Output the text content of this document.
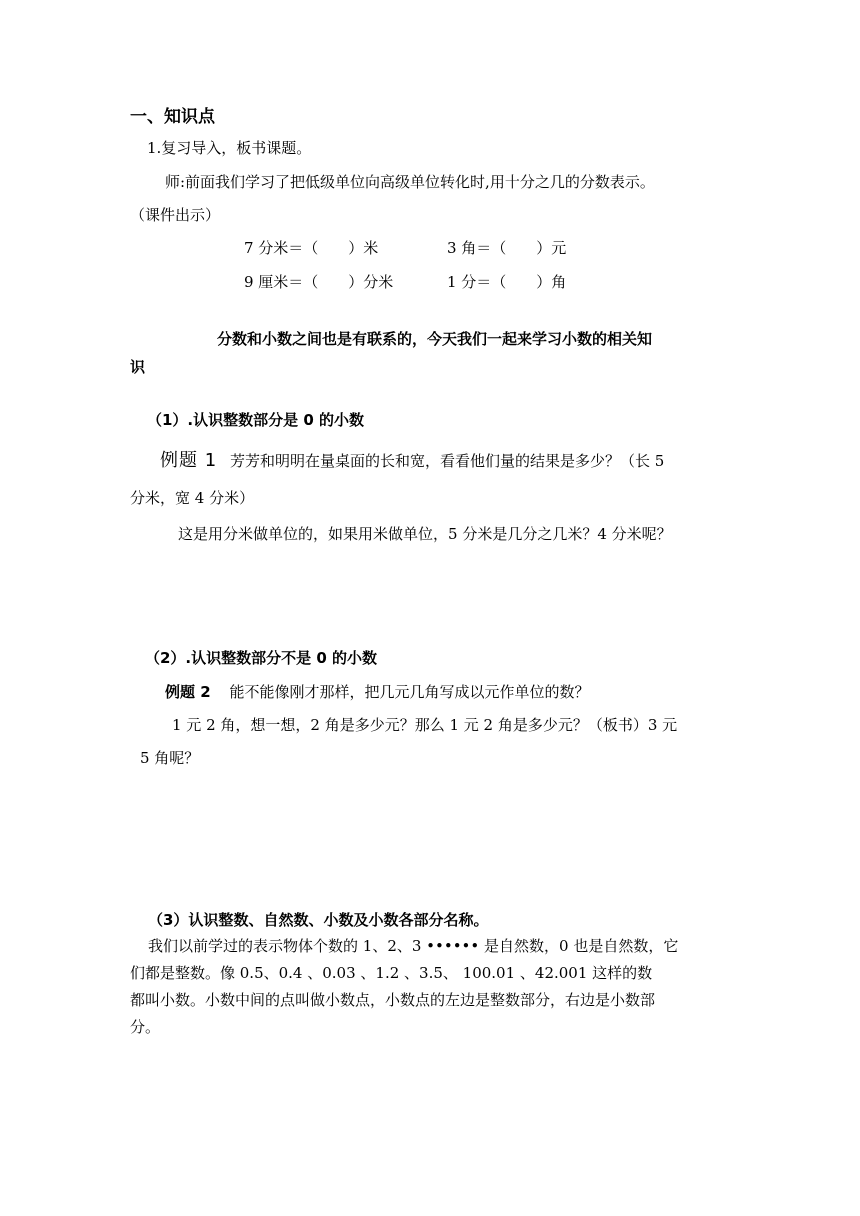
一、知识点
1.复习导入，板书课题。
师:前面我们学习了把低级单位向高级单位转化时,用十分之几的分数表示。
（课件出示）
7 分米＝（　　）米	3 角＝（　　）元
9 厘米＝（　　）分米	1 分＝（　　）角
分数和小数之间也是有联系的，今天我们一起来学习小数的相关知
识
（1）.认识整数部分是 0 的小数
例题 1 芳芳和明明在量桌面的长和宽，看看他们量的结果是多少？（长 5
分米，宽 4 分米）
这是用分米做单位的，如果用米做单位，5 分米是几分之几米？4 分米呢？
（2）.认识整数部分不是 0 的小数
例题 2 能不能像刚才那样，把几元几角写成以元作单位的数？
1 元 2 角，想一想，2 角是多少元？那么 1 元 2 角是多少元？（板书）3 元
5 角呢？
（3）认识整数、自然数、小数及小数各部分名称。
我们以前学过的表示物体个数的 1、2、3 •••••• 是自然数，0 也是自然数，它
们都是整数。像 0.5、0.4 、0.03 、1.2 、3.5、 100.01 、42.001 这样的数
都叫小数。小数中间的点叫做小数点，小数点的左边是整数部分，右边是小数部
分。
